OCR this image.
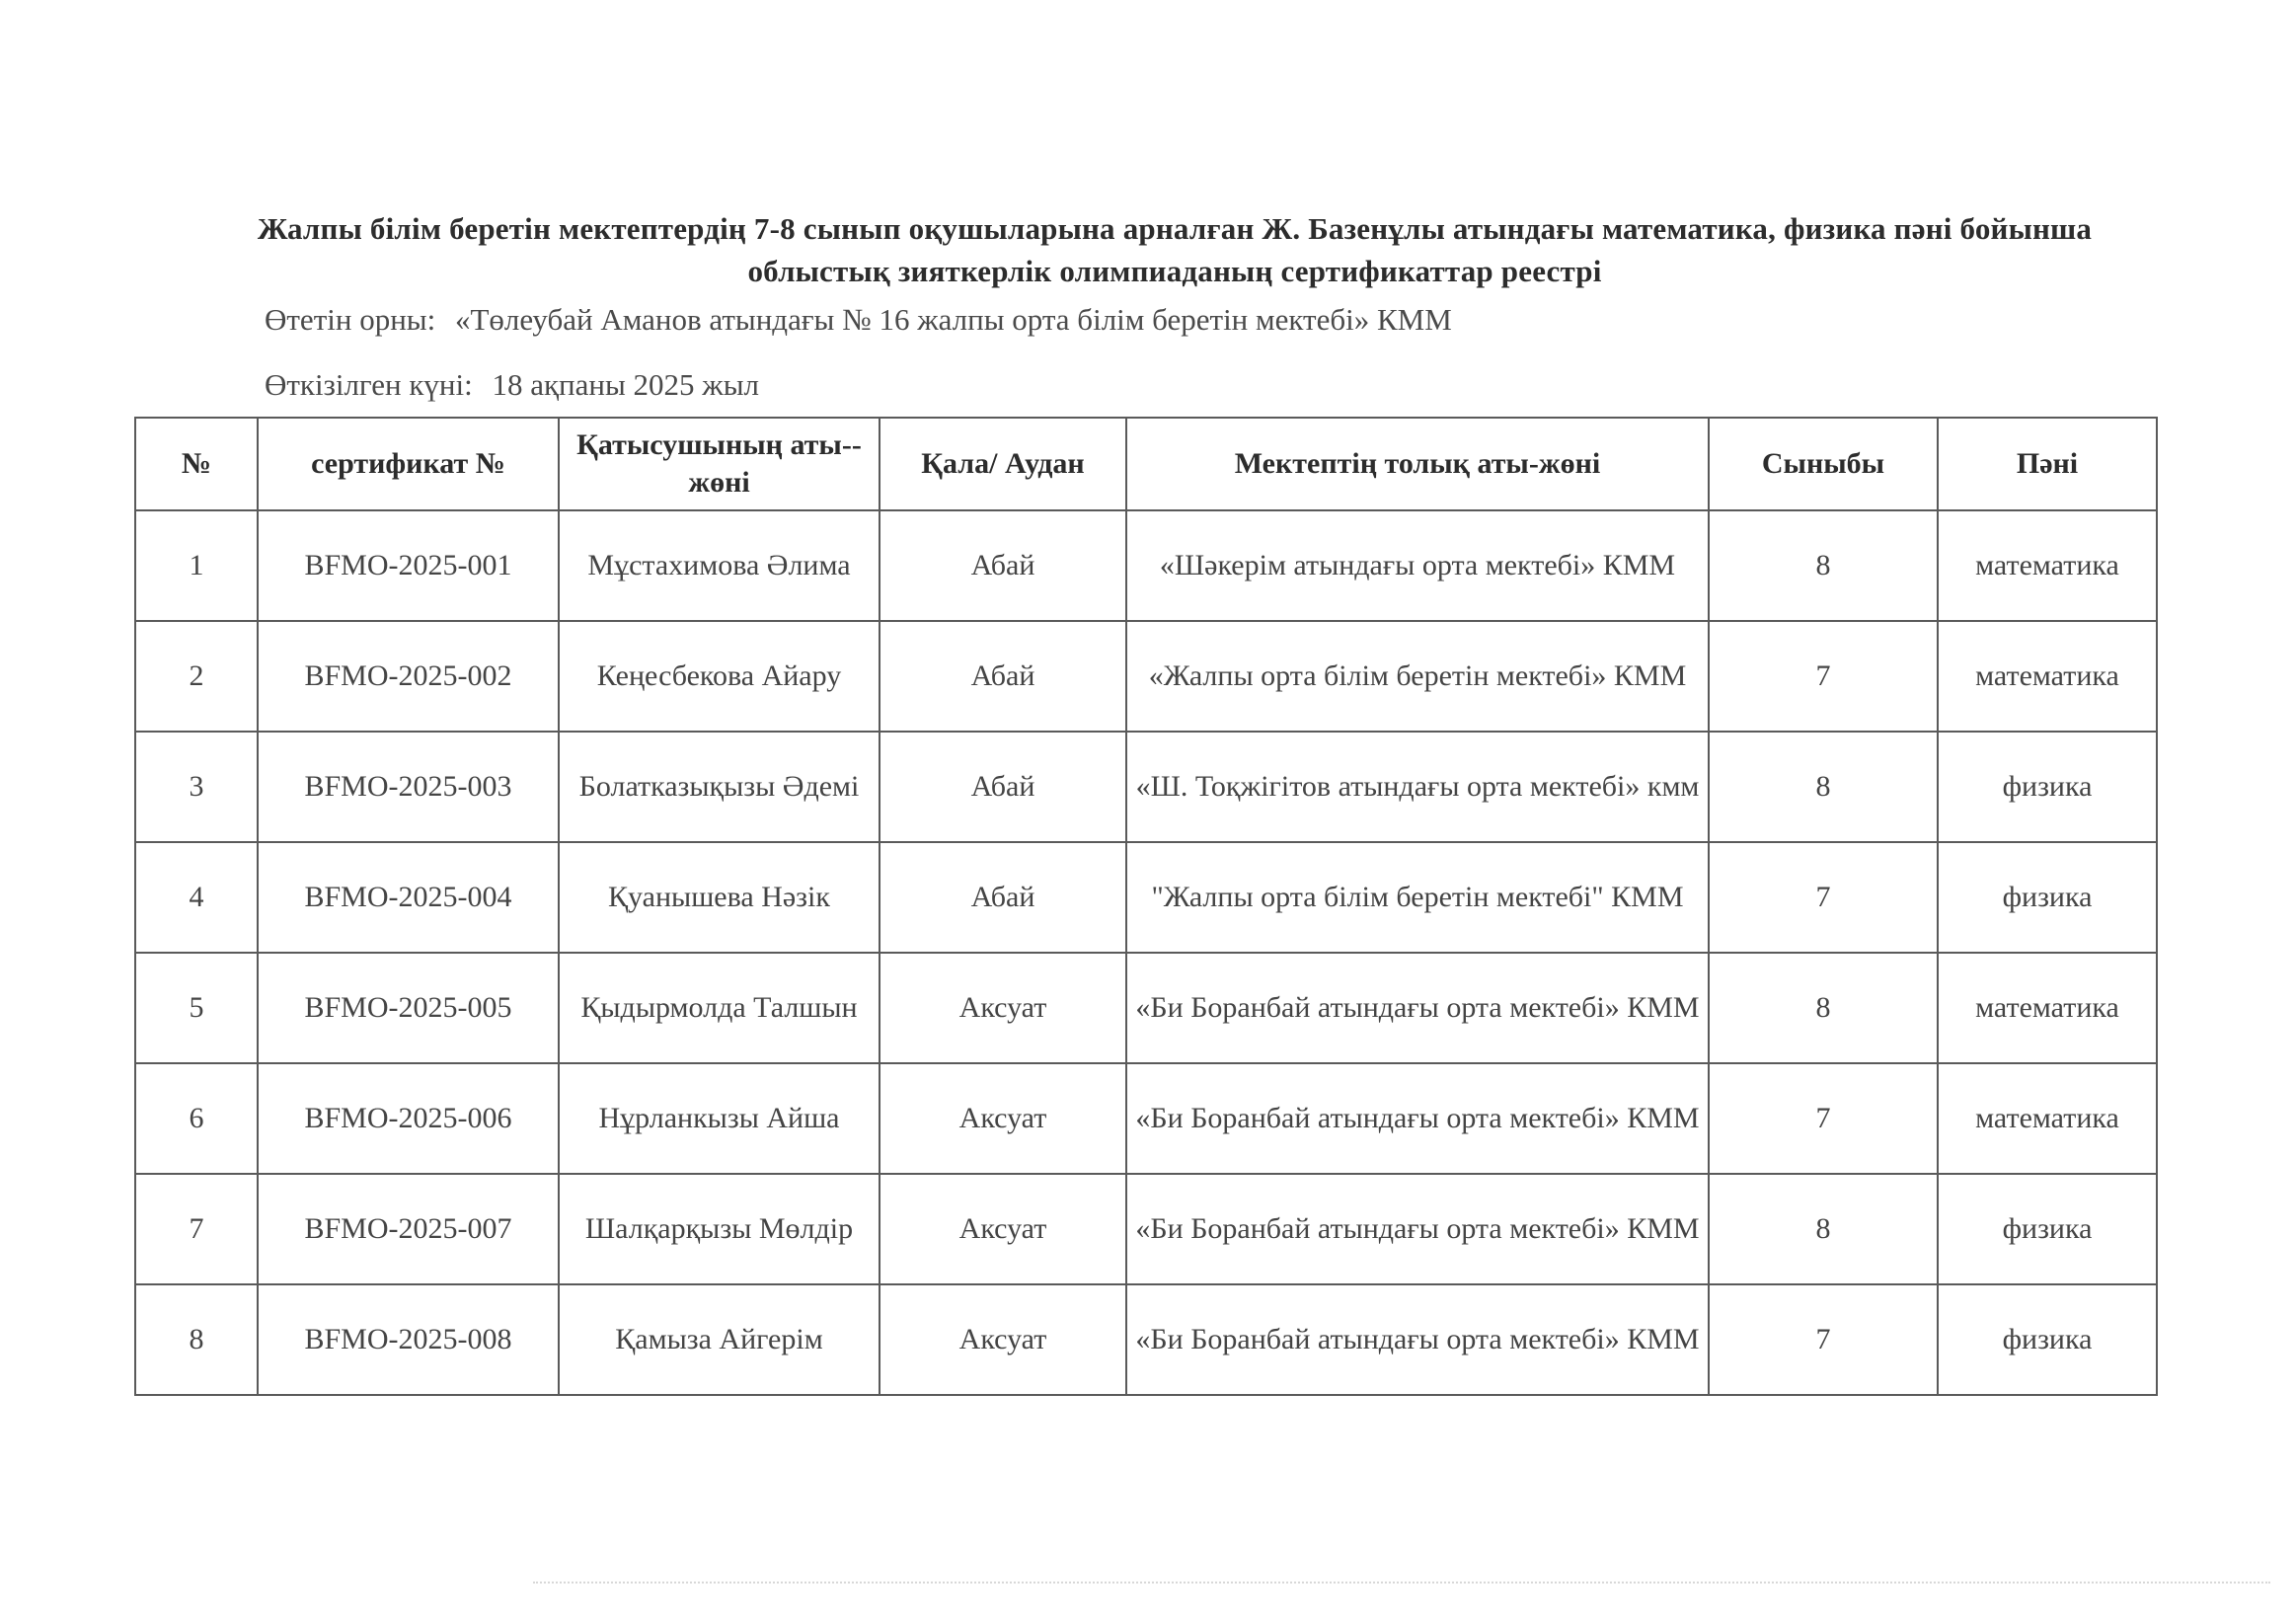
Жалпы білім беретін мектептердің 7-8 сынып оқушыларына арналған Ж. Базенұлы атындағы математика, физика пәні бойынша облыстық зияткерлік олимпиаданың сертификаттар реестрі
Өтетін орны: «Төлеубай Аманов атындағы № 16 жалпы орта білім беретін мектебі» КММ
Өткізілген күні: 18 ақпаны 2025 жыл
№	сертификат №	Қатысушының аты--жөні	Қала/ Аудан	Мектептің толық аты-жөні	Сыныбы	Пәні
1	BFMO-2025-001	Мұстахимова Әлима	Абай	«Шәкерім атындағы орта мектебі» КММ	8	математика
2	BFMO-2025-002	Кеңесбекова Айару	Абай	«Жалпы орта білім беретін мектебі» КММ	7	математика
3	BFMO-2025-003	Болатказықызы Әдемі	Абай	«Ш. Тоқжігітов атындағы орта мектебі» кмм	8	физика
4	BFMO-2025-004	Қуанышева Нәзік	Абай	"Жалпы орта білім беретін мектебі" КММ	7	физика
5	BFMO-2025-005	Қыдырмолда Талшын	Аксуат	«Би Боранбай атындағы орта мектебі» КММ	8	математика
6	BFMO-2025-006	Нұрланкызы Айша	Аксуат	«Би Боранбай атындағы орта мектебі» КММ	7	математика
7	BFMO-2025-007	Шалқарқызы Мөлдір	Аксуат	«Би Боранбай атындағы орта мектебі» КММ	8	физика
8	BFMO-2025-008	Қамыза Айгерім	Аксуат	«Би Боранбай атындағы орта мектебі» КММ	7	физика
